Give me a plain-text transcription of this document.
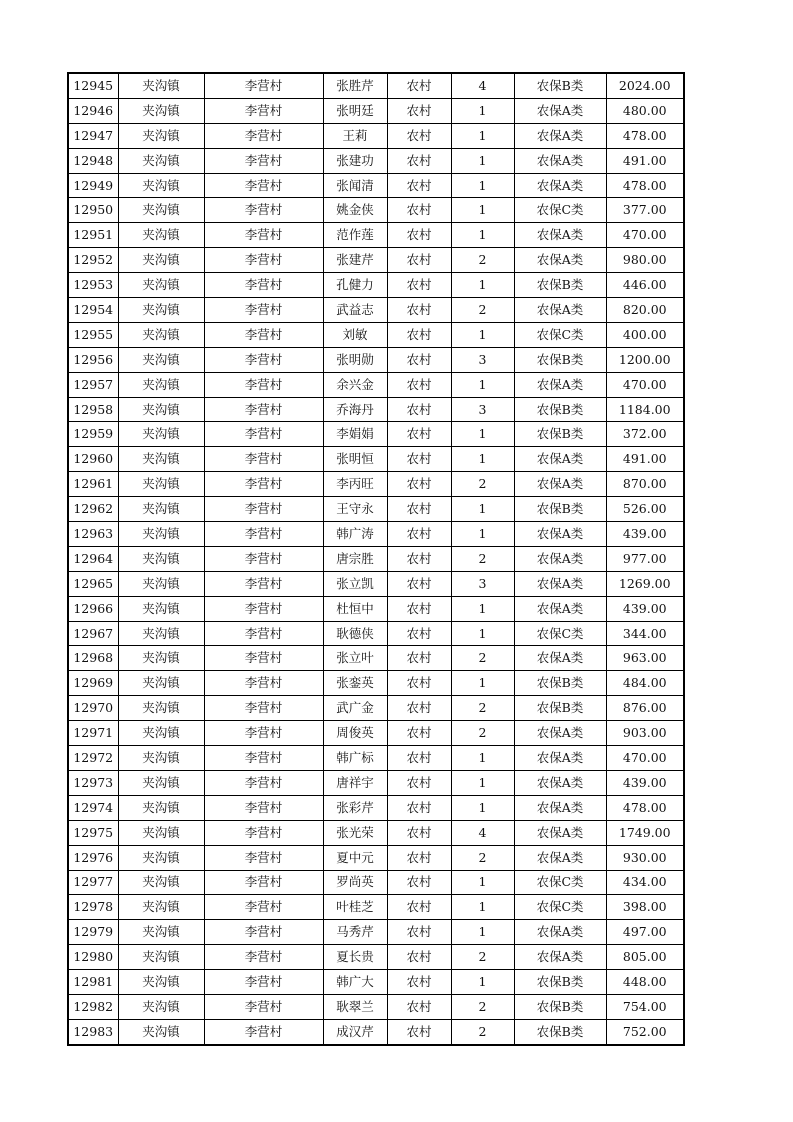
12945	夹沟镇	李营村	张胜芹	农村	4	农保B类	2024.00
12946	夹沟镇	李营村	张明廷	农村	1	农保A类	480.00
12947	夹沟镇	李营村	王莉	农村	1	农保A类	478.00
12948	夹沟镇	李营村	张建功	农村	1	农保A类	491.00
12949	夹沟镇	李营村	张闻清	农村	1	农保A类	478.00
12950	夹沟镇	李营村	姚金侠	农村	1	农保C类	377.00
12951	夹沟镇	李营村	范作莲	农村	1	农保A类	470.00
12952	夹沟镇	李营村	张建芹	农村	2	农保A类	980.00
12953	夹沟镇	李营村	孔健力	农村	1	农保B类	446.00
12954	夹沟镇	李营村	武益志	农村	2	农保A类	820.00
12955	夹沟镇	李营村	刘敏	农村	1	农保C类	400.00
12956	夹沟镇	李营村	张明勋	农村	3	农保B类	1200.00
12957	夹沟镇	李营村	余兴金	农村	1	农保A类	470.00
12958	夹沟镇	李营村	乔海丹	农村	3	农保B类	1184.00
12959	夹沟镇	李营村	李娟娟	农村	1	农保B类	372.00
12960	夹沟镇	李营村	张明恒	农村	1	农保A类	491.00
12961	夹沟镇	李营村	李丙旺	农村	2	农保A类	870.00
12962	夹沟镇	李营村	王守永	农村	1	农保B类	526.00
12963	夹沟镇	李营村	韩广涛	农村	1	农保A类	439.00
12964	夹沟镇	李营村	唐宗胜	农村	2	农保A类	977.00
12965	夹沟镇	李营村	张立凯	农村	3	农保A类	1269.00
12966	夹沟镇	李营村	杜恒中	农村	1	农保A类	439.00
12967	夹沟镇	李营村	耿德侠	农村	1	农保C类	344.00
12968	夹沟镇	李营村	张立叶	农村	2	农保A类	963.00
12969	夹沟镇	李营村	张銮英	农村	1	农保B类	484.00
12970	夹沟镇	李营村	武广金	农村	2	农保B类	876.00
12971	夹沟镇	李营村	周俊英	农村	2	农保A类	903.00
12972	夹沟镇	李营村	韩广标	农村	1	农保A类	470.00
12973	夹沟镇	李营村	唐祥宇	农村	1	农保A类	439.00
12974	夹沟镇	李营村	张彩芹	农村	1	农保A类	478.00
12975	夹沟镇	李营村	张光荣	农村	4	农保A类	1749.00
12976	夹沟镇	李营村	夏中元	农村	2	农保A类	930.00
12977	夹沟镇	李营村	罗尚英	农村	1	农保C类	434.00
12978	夹沟镇	李营村	叶桂芝	农村	1	农保C类	398.00
12979	夹沟镇	李营村	马秀芹	农村	1	农保A类	497.00
12980	夹沟镇	李营村	夏长贵	农村	2	农保A类	805.00
12981	夹沟镇	李营村	韩广大	农村	1	农保B类	448.00
12982	夹沟镇	李营村	耿翠兰	农村	2	农保B类	754.00
12983	夹沟镇	李营村	成汉芹	农村	2	农保B类	752.00
